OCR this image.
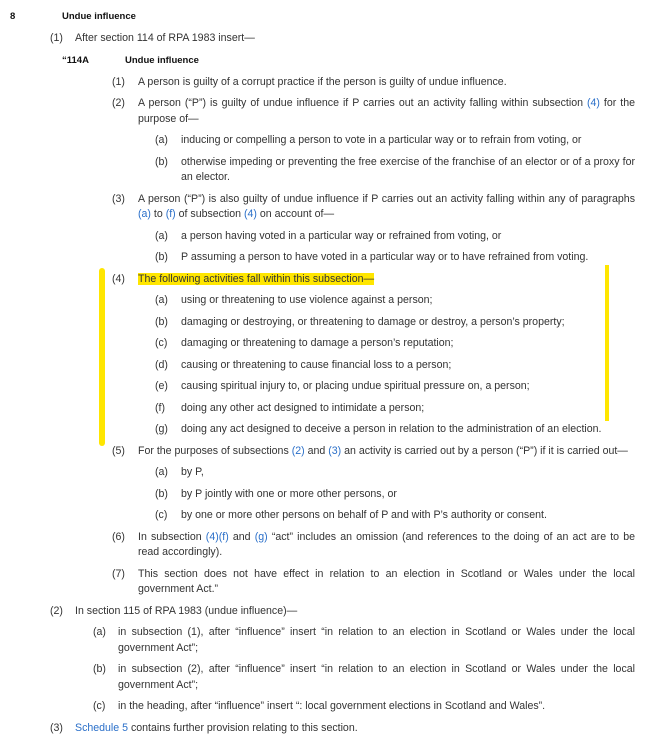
8	Undue influence
(1) After section 114 of RPA 1983 insert—
“114A	Undue influence
(1) A person is guilty of a corrupt practice if the person is guilty of undue influence.
(2) A person (“P”) is guilty of undue influence if P carries out an activity falling within subsection (4) for the purpose of—
(a) inducing or compelling a person to vote in a particular way or to refrain from voting, or
(b) otherwise impeding or preventing the free exercise of the franchise of an elector or of a proxy for an elector.
(3) A person (“P”) is also guilty of undue influence if P carries out an activity falling within any of paragraphs (a) to (f) of subsection (4) on account of—
(a) a person having voted in a particular way or refrained from voting, or
(b) P assuming a person to have voted in a particular way or to have refrained from voting.
(4) The following activities fall within this subsection—
(a) using or threatening to use violence against a person;
(b) damaging or destroying, or threatening to damage or destroy, a person’s property;
(c) damaging or threatening to damage a person’s reputation;
(d) causing or threatening to cause financial loss to a person;
(e) causing spiritual injury to, or placing undue spiritual pressure on, a person;
(f) doing any other act designed to intimidate a person;
(g) doing any act designed to deceive a person in relation to the administration of an election.
(5) For the purposes of subsections (2) and (3) an activity is carried out by a person (“P”) if it is carried out—
(a) by P,
(b) by P jointly with one or more other persons, or
(c) by one or more other persons on behalf of P and with P’s authority or consent.
(6) In subsection (4)(f) and (g) “act” includes an omission (and references to the doing of an act are to be read accordingly).
(7) This section does not have effect in relation to an election in Scotland or Wales under the local government Act.”
(2) In section 115 of RPA 1983 (undue influence)—
(a) in subsection (1), after “influence” insert “in relation to an election in Scotland or Wales under the local government Act”;
(b) in subsection (2), after “influence” insert “in relation to an election in Scotland or Wales under the local government Act”;
(c) in the heading, after “influence” insert “: local government elections in Scotland and Wales”.
(3) Schedule 5 contains further provision relating to this section.
